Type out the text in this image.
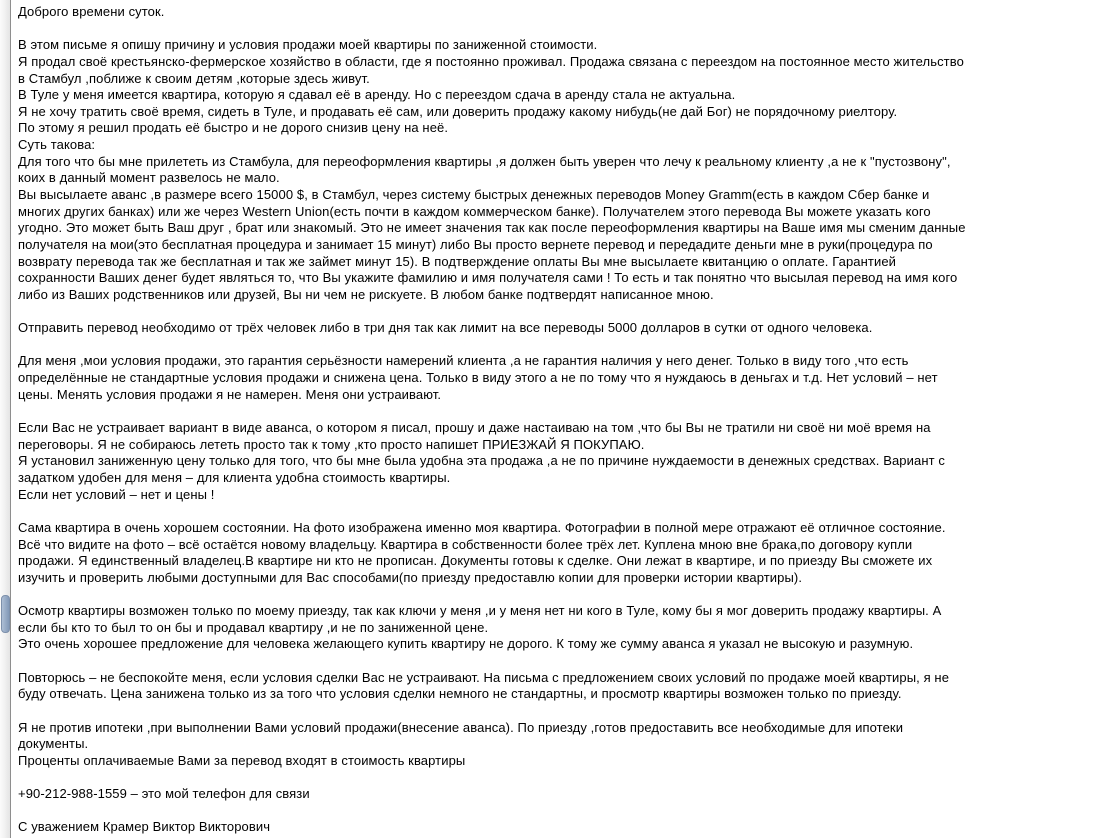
Доброго времени суток.
В этом письме я опишу причину и условия продажи моей квартиры по заниженной стоимости.
Я продал своё крестьянско-фермерское хозяйство в области, где я постоянно проживал. Продажа связана с переездом на постоянное место жительство
в Стамбул ,поближе к своим детям ,которые здесь живут.
В Туле у меня имеется квартира, которую я сдавал её в аренду. Но с переездом сдача в аренду стала не актуальна.
Я не хочу тратить своё время, сидеть в Туле, и продавать её сам, или доверить продажу какому нибудь(не дай Бог) не порядочному риелтору.
По этому я решил продать её быстро и не дорого снизив цену на неё.
Суть такова:
Для того что бы мне прилететь из Стамбула, для переоформления квартиры ,я должен быть уверен что лечу к реальному клиенту ,а не к "пустозвону",
коих в данный момент развелось не мало.
Вы высылаете аванс ,в размере всего 15000 $, в Стамбул, через систему быстрых денежных переводов Money Gramm(есть в каждом Сбер банке и
многих других банках) или же через Western Union(есть почти в каждом коммерческом банке). Получателем этого перевода Вы можете указать кого
угодно. Это может быть Ваш друг , брат или знакомый. Это не имеет значения так как после переоформления квартиры на Ваше имя мы сменим данные
получателя на мои(это бесплатная процедура и занимает 15 минут) либо Вы просто вернете перевод и передадите деньги мне в руки(процедура по
возврату перевода так же бесплатная и так же займет минут 15). В подтверждение оплаты Вы мне высылаете квитанцию о оплате. Гарантией
сохранности Ваших денег будет являться то, что Вы укажите фамилию и имя получателя сами ! То есть и так понятно что высылая перевод на имя кого
либо из Ваших родственников или друзей, Вы ни чем не рискуете. В любом банке подтвердят написанное мною.
Отправить перевод необходимо от трёх человек либо в три дня так как лимит на все переводы 5000 долларов в сутки от одного человека.
Для меня ,мои условия продажи, это гарантия серьёзности намерений клиента ,а не гарантия наличия у него денег. Только в виду того ,что есть
определённые не стандартные условия продажи и снижена цена. Только в виду этого а не по тому что я нуждаюсь в деньгах и т.д. Нет условий – нет
цены. Менять условия продажи я не намерен. Меня они устраивают.
Если Вас не устраивает вариант в виде аванса, о котором я писал, прошу и даже настаиваю на том ,что бы Вы не тратили ни своё ни моё время на
переговоры. Я не собираюсь лететь просто так к тому ,кто просто напишет ПРИЕЗЖАЙ Я ПОКУПАЮ.
Я установил заниженную цену только для того, что бы мне была удобна эта продажа ,а не по причине нуждаемости в денежных средствах. Вариант с
задатком удобен для меня – для клиента удобна стоимость квартиры.
Если нет условий – нет и цены !
Сама квартира в очень хорошем состоянии. На фото изображена именно моя квартира. Фотографии в полной мере отражают её отличное состояние.
Всё что видите на фото – всё остаётся новому владельцу. Квартира в собственности более трёх лет. Куплена мною вне брака,по договору купли
продажи. Я единственный владелец.В квартире ни кто не прописан. Документы готовы к сделке. Они лежат в квартире, и по приезду Вы сможете их
изучить и проверить любыми доступными для Вас способами(по приезду предоставлю копии для проверки истории квартиры).
Осмотр квартиры возможен только по моему приезду, так как ключи у меня ,и у меня нет ни кого в Туле, кому бы я мог доверить продажу квартиры. А
если бы кто то был то он бы и продавал квартиру ,и не по заниженной цене.
Это очень хорошее предложение для человека желающего купить квартиру не дорого. К тому же сумму аванса я указал не высокую и разумную.
Повторюсь – не беспокойте меня, если условия сделки Вас не устраивают. На письма с предложением своих условий по продаже моей квартиры, я не
буду отвечать. Цена занижена только из за того что условия сделки немного не стандартны, и просмотр квартиры возможен только по приезду.
Я не против ипотеки ,при выполнении Вами условий продажи(внесение аванса). По приезду ,готов предоставить все необходимые для ипотеки
документы.
Проценты оплачиваемые Вами за перевод входят в стоимость квартиры
+90-212-988-1559 – это мой телефон для связи
С уважением Крамер Виктор Викторович
